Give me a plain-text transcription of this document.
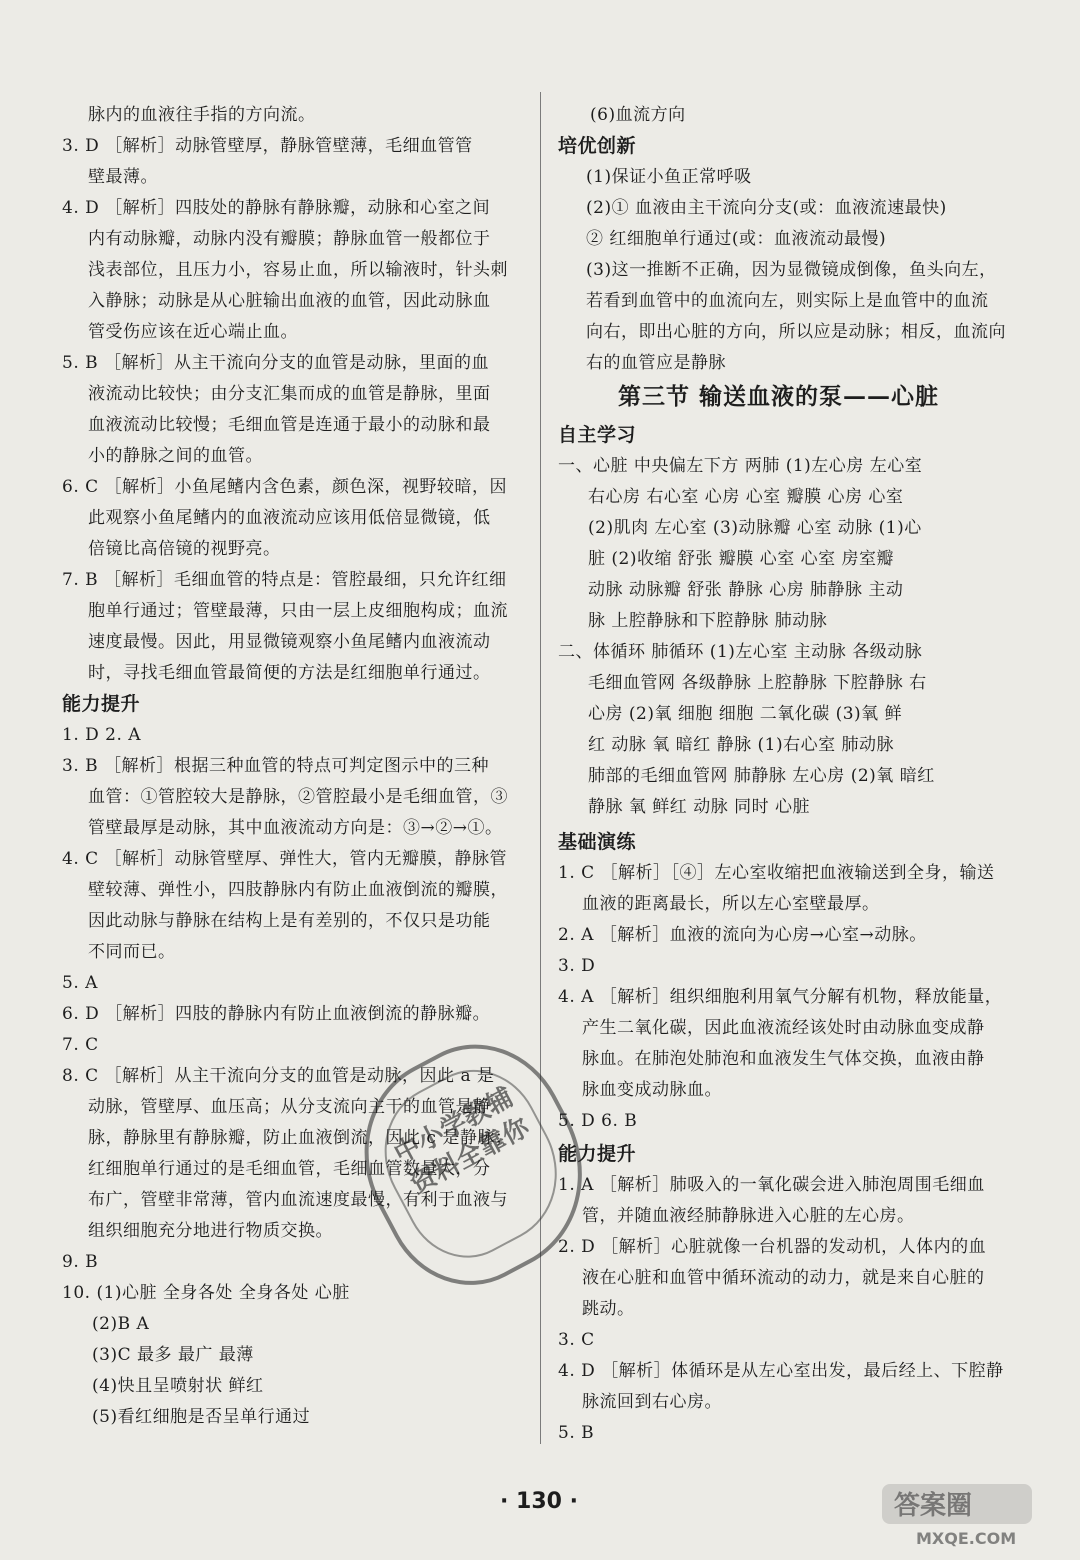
脉内的血液往手指的方向流。
3. D ［解析］动脉管壁厚，静脉管壁薄，毛细血管管
壁最薄。
4. D ［解析］四肢处的静脉有静脉瓣，动脉和心室之间
内有动脉瓣，动脉内没有瓣膜；静脉血管一般都位于
浅表部位，且压力小，容易止血，所以输液时，针头刺
入静脉；动脉是从心脏输出血液的血管，因此动脉血
管受伤应该在近心端止血。
5. B ［解析］从主干流向分支的血管是动脉，里面的血
液流动比较快；由分支汇集而成的血管是静脉，里面
血液流动比较慢；毛细血管是连通于最小的动脉和最
小的静脉之间的血管。
6. C ［解析］小鱼尾鳍内含色素，颜色深，视野较暗，因
此观察小鱼尾鳍内的血液流动应该用低倍显微镜，低
倍镜比高倍镜的视野亮。
7. B ［解析］毛细血管的特点是：管腔最细，只允许红细
胞单行通过；管壁最薄，只由一层上皮细胞构成；血流
速度最慢。因此，用显微镜观察小鱼尾鳍内血液流动
时，寻找毛细血管最简便的方法是红细胞单行通过。
能力提升
1. D 2. A
3. B ［解析］根据三种血管的特点可判定图示中的三种
血管：①管腔较大是静脉，②管腔最小是毛细血管，③
管壁最厚是动脉，其中血液流动方向是：③→②→①。
4. C ［解析］动脉管壁厚、弹性大，管内无瓣膜，静脉管
壁较薄、弹性小，四肢静脉内有防止血液倒流的瓣膜，
因此动脉与静脉在结构上是有差别的，不仅只是功能
不同而已。
5. A
6. D ［解析］四肢的静脉内有防止血液倒流的静脉瓣。
7. C
8. C ［解析］从主干流向分支的血管是动脉，因此 a 是
动脉，管壁厚、血压高；从分支流向主干的血管是静
脉，静脉里有静脉瓣，防止血液倒流，因此 c 是静脉；
红细胞单行通过的是毛细血管，毛细血管数量大，分
布广，管壁非常薄，管内血流速度最慢，有利于血液与
组织细胞充分地进行物质交换。
9. B
10. (1)心脏 全身各处 全身各处 心脏
(2)B A
(3)C 最多 最广 最薄
(4)快且呈喷射状 鲜红
(5)看红细胞是否呈单行通过
(6)血流方向
培优创新
(1)保证小鱼正常呼吸
(2)① 血液由主干流向分支(或：血液流速最快)
② 红细胞单行通过(或：血液流动最慢)
(3)这一推断不正确，因为显微镜成倒像，鱼头向左，
若看到血管中的血流向左，则实际上是血管中的血流
向右，即出心脏的方向，所以应是动脉；相反，血流向
右的血管应是静脉
第三节 输送血液的泵——心脏
自主学习
一、心脏 中央偏左下方 两肺 (1)左心房 左心室
右心房 右心室 心房 心室 瓣膜 心房 心室
(2)肌肉 左心室 (3)动脉瓣 心室 动脉 (1)心
脏 (2)收缩 舒张 瓣膜 心室 心室 房室瓣
动脉 动脉瓣 舒张 静脉 心房 肺静脉 主动
脉 上腔静脉和下腔静脉 肺动脉
二、体循环 肺循环 (1)左心室 主动脉 各级动脉
毛细血管网 各级静脉 上腔静脉 下腔静脉 右
心房 (2)氧 细胞 细胞 二氧化碳 (3)氧 鲜
红 动脉 氧 暗红 静脉 (1)右心室 肺动脉
肺部的毛细血管网 肺静脉 左心房 (2)氧 暗红
静脉 氧 鲜红 动脉 同时 心脏
基础演练
1. C ［解析］［④］左心室收缩把血液输送到全身，输送
血液的距离最长，所以左心室壁最厚。
2. A ［解析］血液的流向为心房→心室→动脉。
3. D
4. A ［解析］组织细胞利用氧气分解有机物，释放能量，
产生二氧化碳，因此血液流经该处时由动脉血变成静
脉血。在肺泡处肺泡和血液发生气体交换，血液由静
脉血变成动脉血。
5. D 6. B
能力提升
1. A ［解析］肺吸入的一氧化碳会进入肺泡周围毛细血
管，并随血液经肺静脉进入心脏的左心房。
2. D ［解析］心脏就像一台机器的发动机，人体内的血
液在心脏和血管中循环流动的动力，就是来自心脏的
跳动。
3. C
4. D ［解析］体循环是从左心室出发，最后经上、下腔静
脉流回到右心房。
5. B
中小学教辅 资料全靠你
· 130 ·	答案圈
MXQE.COM
